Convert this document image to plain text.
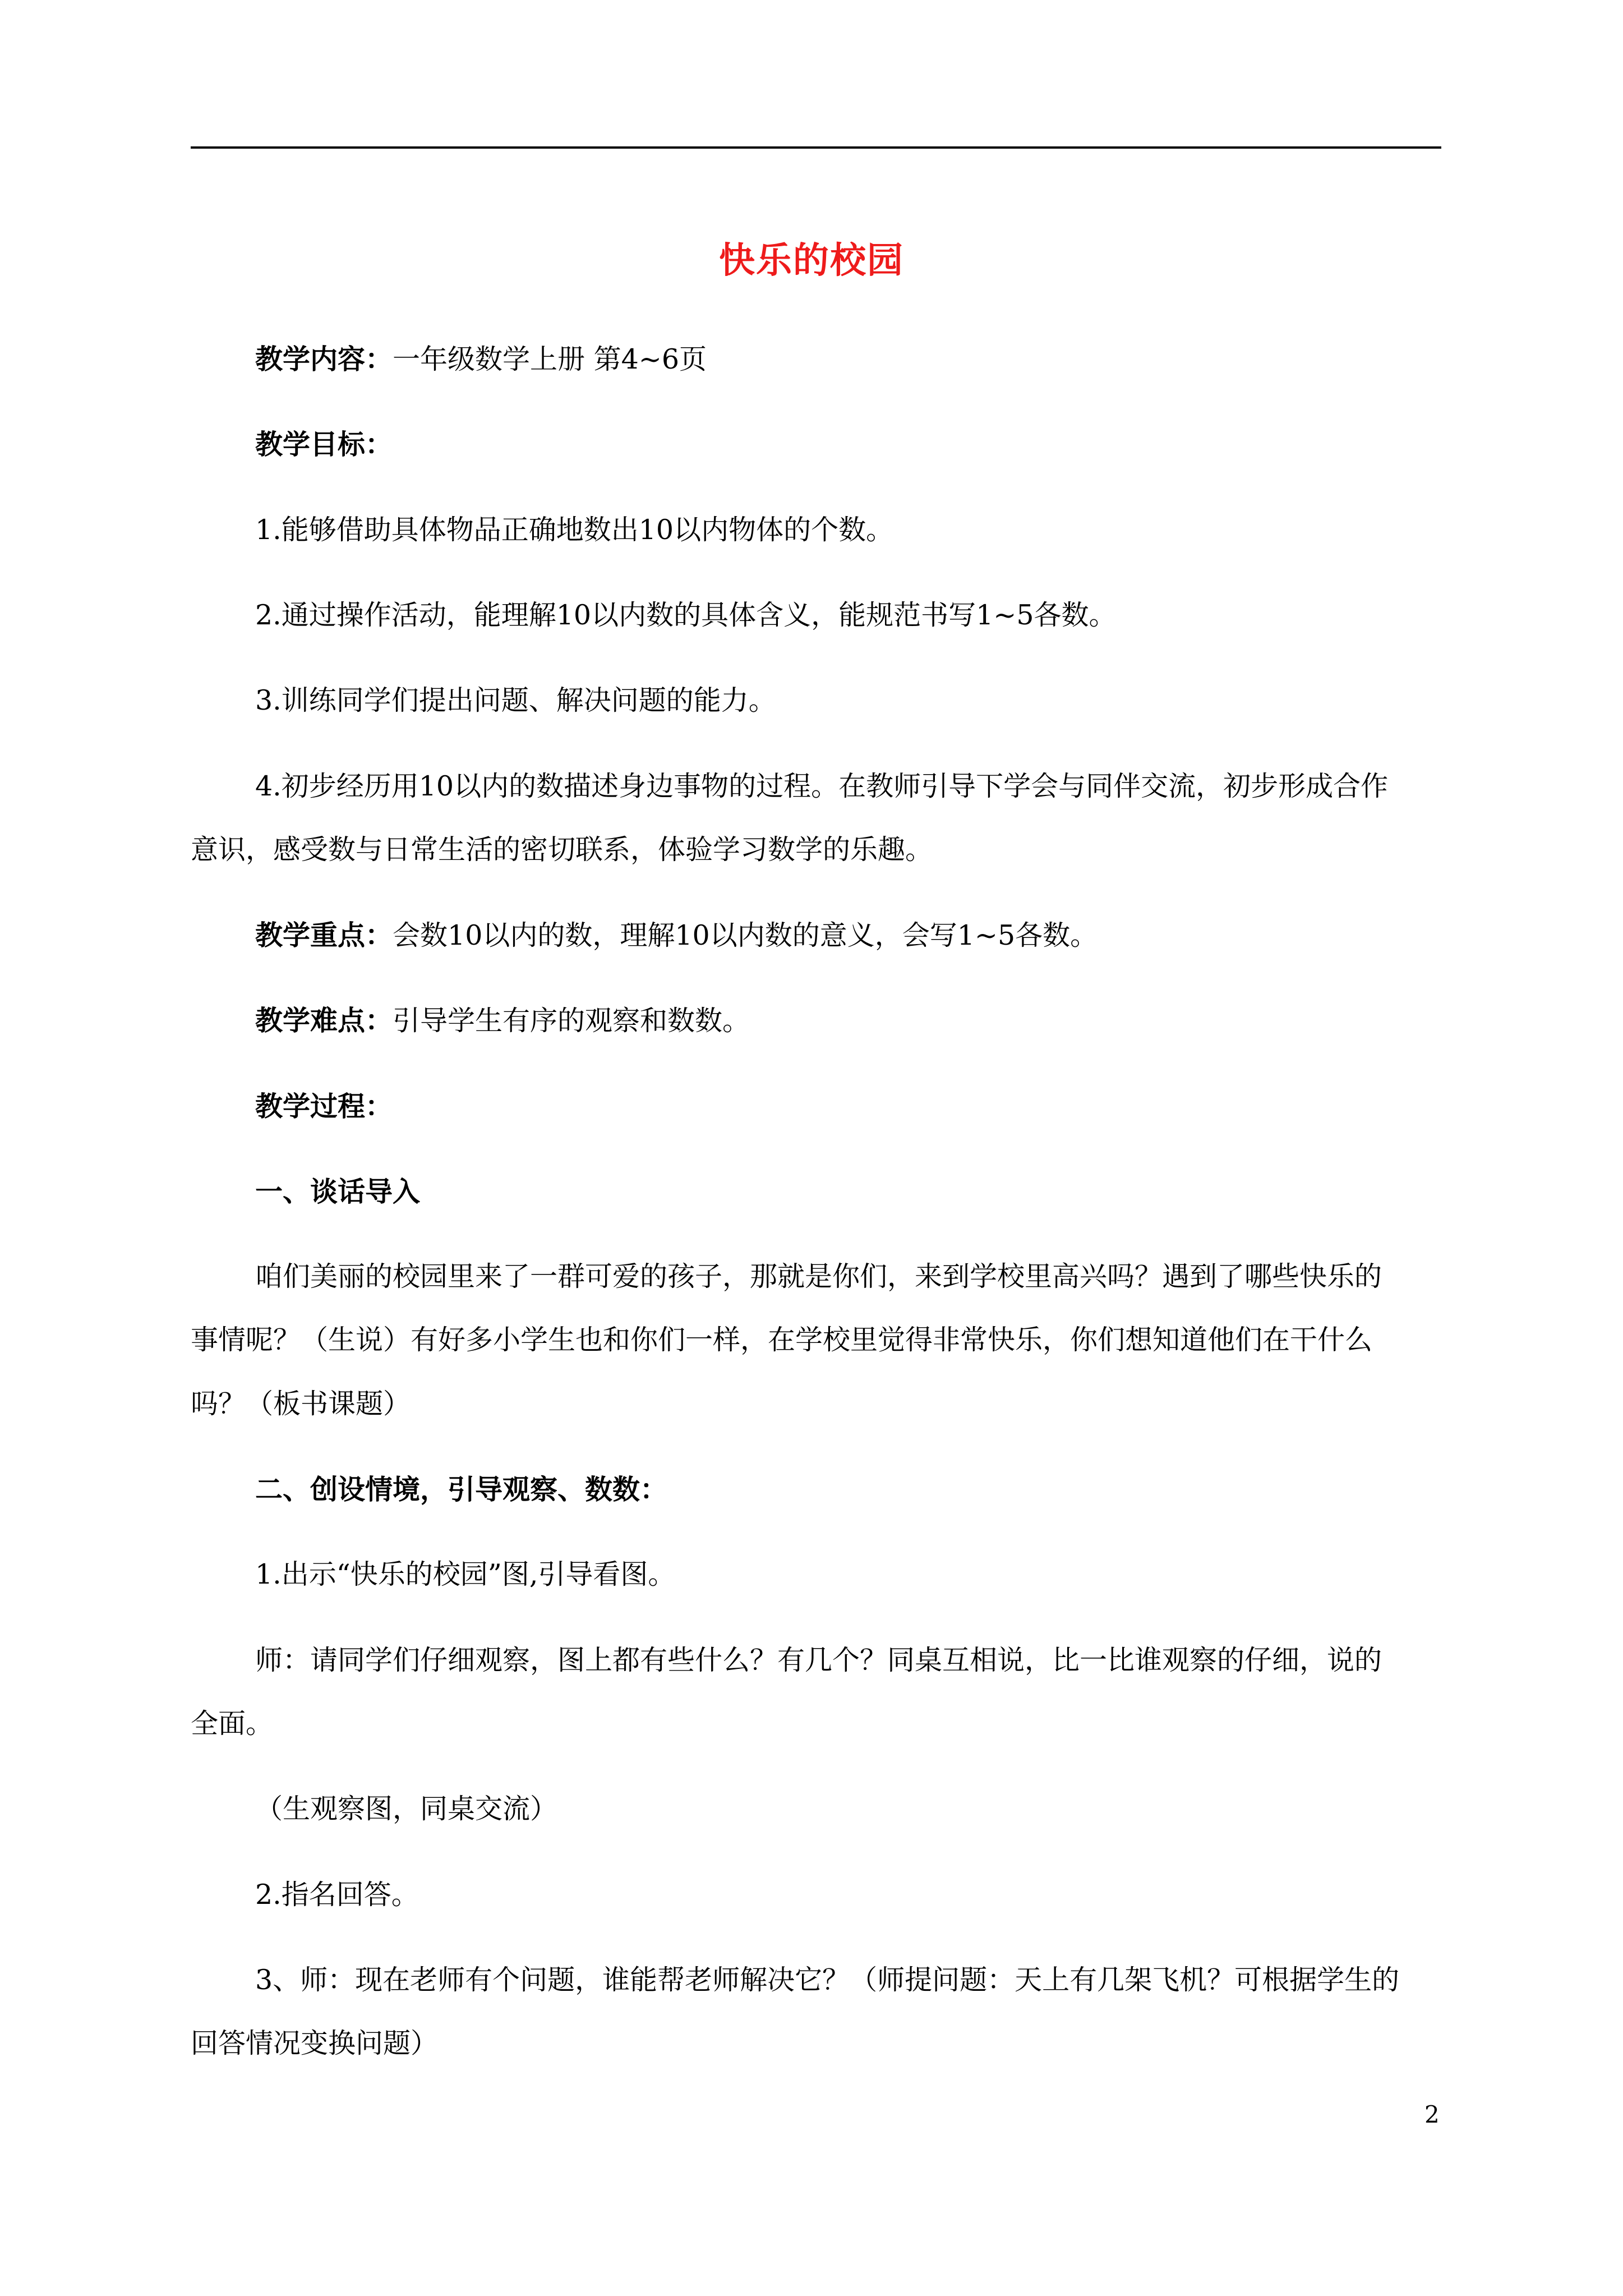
快乐的校园
教学内容：一年级数学上册 第4~6页
教学目标：
1.能够借助具体物品正确地数出10以内物体的个数。
2.通过操作活动，能理解10以内数的具体含义，能规范书写1~5各数。
3.训练同学们提出问题、解决问题的能力。
4.初步经历用10以内的数描述身边事物的过程。在教师引导下学会与同伴交流，初步形成合作
意识，感受数与日常生活的密切联系，体验学习数学的乐趣。
教学重点：会数10以内的数，理解10以内数的意义，会写1~5各数。
教学难点：引导学生有序的观察和数数。
教学过程：
一、谈话导入
咱们美丽的校园里来了一群可爱的孩子，那就是你们，来到学校里高兴吗？遇到了哪些快乐的
事情呢？（生说）有好多小学生也和你们一样，在学校里觉得非常快乐，你们想知道他们在干什么
吗？（板书课题）
二、创设情境，引导观察、数数：
1.出示“快乐的校园”图,引导看图。
师：请同学们仔细观察，图上都有些什么？有几个？同桌互相说，比一比谁观察的仔细，说的
全面。
（生观察图，同桌交流）
2.指名回答。
3、师：现在老师有个问题，谁能帮老师解决它？（师提问题：天上有几架飞机？可根据学生的
回答情况变换问题）
2
